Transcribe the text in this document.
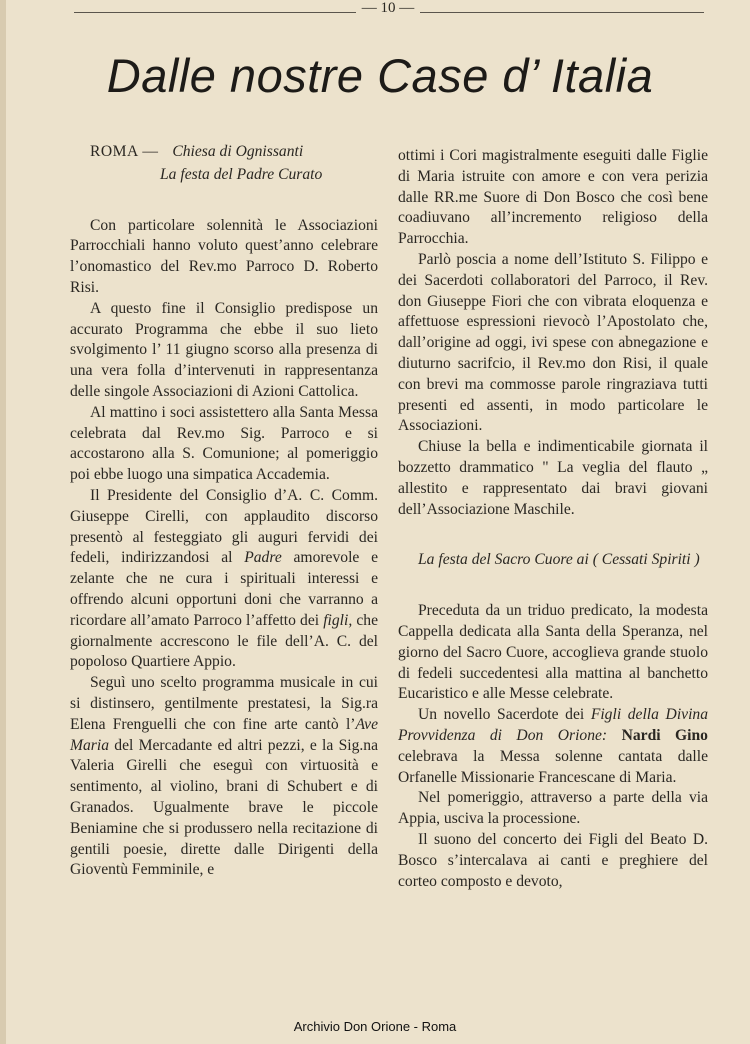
— 10 —
Dalle nostre Case d’ Italia

ROMA — Chiesa di Ognissanti
La festa del Padre Curato

Con particolare solennità le Associazioni Parrocchiali hanno voluto quest’anno celebrare l’onomastico del Rev.mo Parroco D. Roberto Risi.

A questo fine il Consiglio predispose un accurato Programma che ebbe il suo lieto svolgimento l’ 11 giugno scorso alla presenza di una vera folla d’intervenuti in rappresentanza delle singole Associazioni di Azioni Cattolica.

Al mattino i soci assistettero alla Santa Messa celebrata dal Rev.mo Sig. Parroco e si accostarono alla S. Comunione; al pomeriggio poi ebbe luogo una simpatica Accademia.

Il Presidente del Consiglio d’A. C. Comm. Giuseppe Cirelli, con applaudito discorso presentò al festeggiato gli auguri fervidi dei fedeli, indirizzandosi al Padre amorevole e zelante che ne cura i spirituali interessi e offrendo alcuni opportuni doni che varranno a ricordare all’amato Parroco l’affetto dei figli, che giornalmente accrescono le file dell’A. C. del popoloso Quartiere Appio.

Seguì uno scelto programma musicale in cui si distinsero, gentilmente prestatesi, la Sig.ra Elena Frenguelli che con fine arte cantò l’Ave Maria del Mercadante ed altri pezzi, e la Sig.na Valeria Girelli che eseguì con virtuosità e sentimento, al violino, brani di Schubert e di Granados. Ugualmente brave le piccole Beniamine che si produssero nella recitazione di gentili poesie, dirette dalle Dirigenti della Gioventù Femminile, e

ottimi i Cori magistralmente eseguiti dalle Figlie di Maria istruite con amore e con vera perizia dalle RR.me Suore di Don Bosco che così bene coadiuvano all’incremento religioso della Parrocchia.

Parlò poscia a nome dell’Istituto S. Filippo e dei Sacerdoti collaboratori del Parroco, il Rev. don Giuseppe Fiori che con vibrata eloquenza e affettuose espressioni rievocò l’Apostolato che, dall’origine ad oggi, ivi spese con abnegazione e diuturno sacrifcio, il Rev.mo don Risi, il quale con brevi ma commosse parole ringraziava tutti presenti ed assenti, in modo particolare le Associazioni.

Chiuse la bella e indimenticabile giornata il bozzetto drammatico " La veglia del flauto „ allestito e rappresentato dai bravi giovani dell’Associazione Maschile.

La festa del Sacro Cuore ai ( Cessati Spiriti )

Preceduta da un triduo predicato, la modesta Cappella dedicata alla Santa della Speranza, nel giorno del Sacro Cuore, accoglieva grande stuolo di fedeli succedentesi alla mattina al banchetto Eucaristico e alle Messe celebrate.

Un novello Sacerdote dei Figli della Divina Provvidenza di Don Orione: Nardi Gino celebrava la Messa solenne cantata dalle Orfanelle Missionarie Francescane di Maria.

Nel pomeriggio, attraverso a parte della via Appia, usciva la processione.

Il suono del concerto dei Figli del Beato D. Bosco s’intercalava ai canti e preghiere del corteo composto e devoto,

Archivio Don Orione - Roma
